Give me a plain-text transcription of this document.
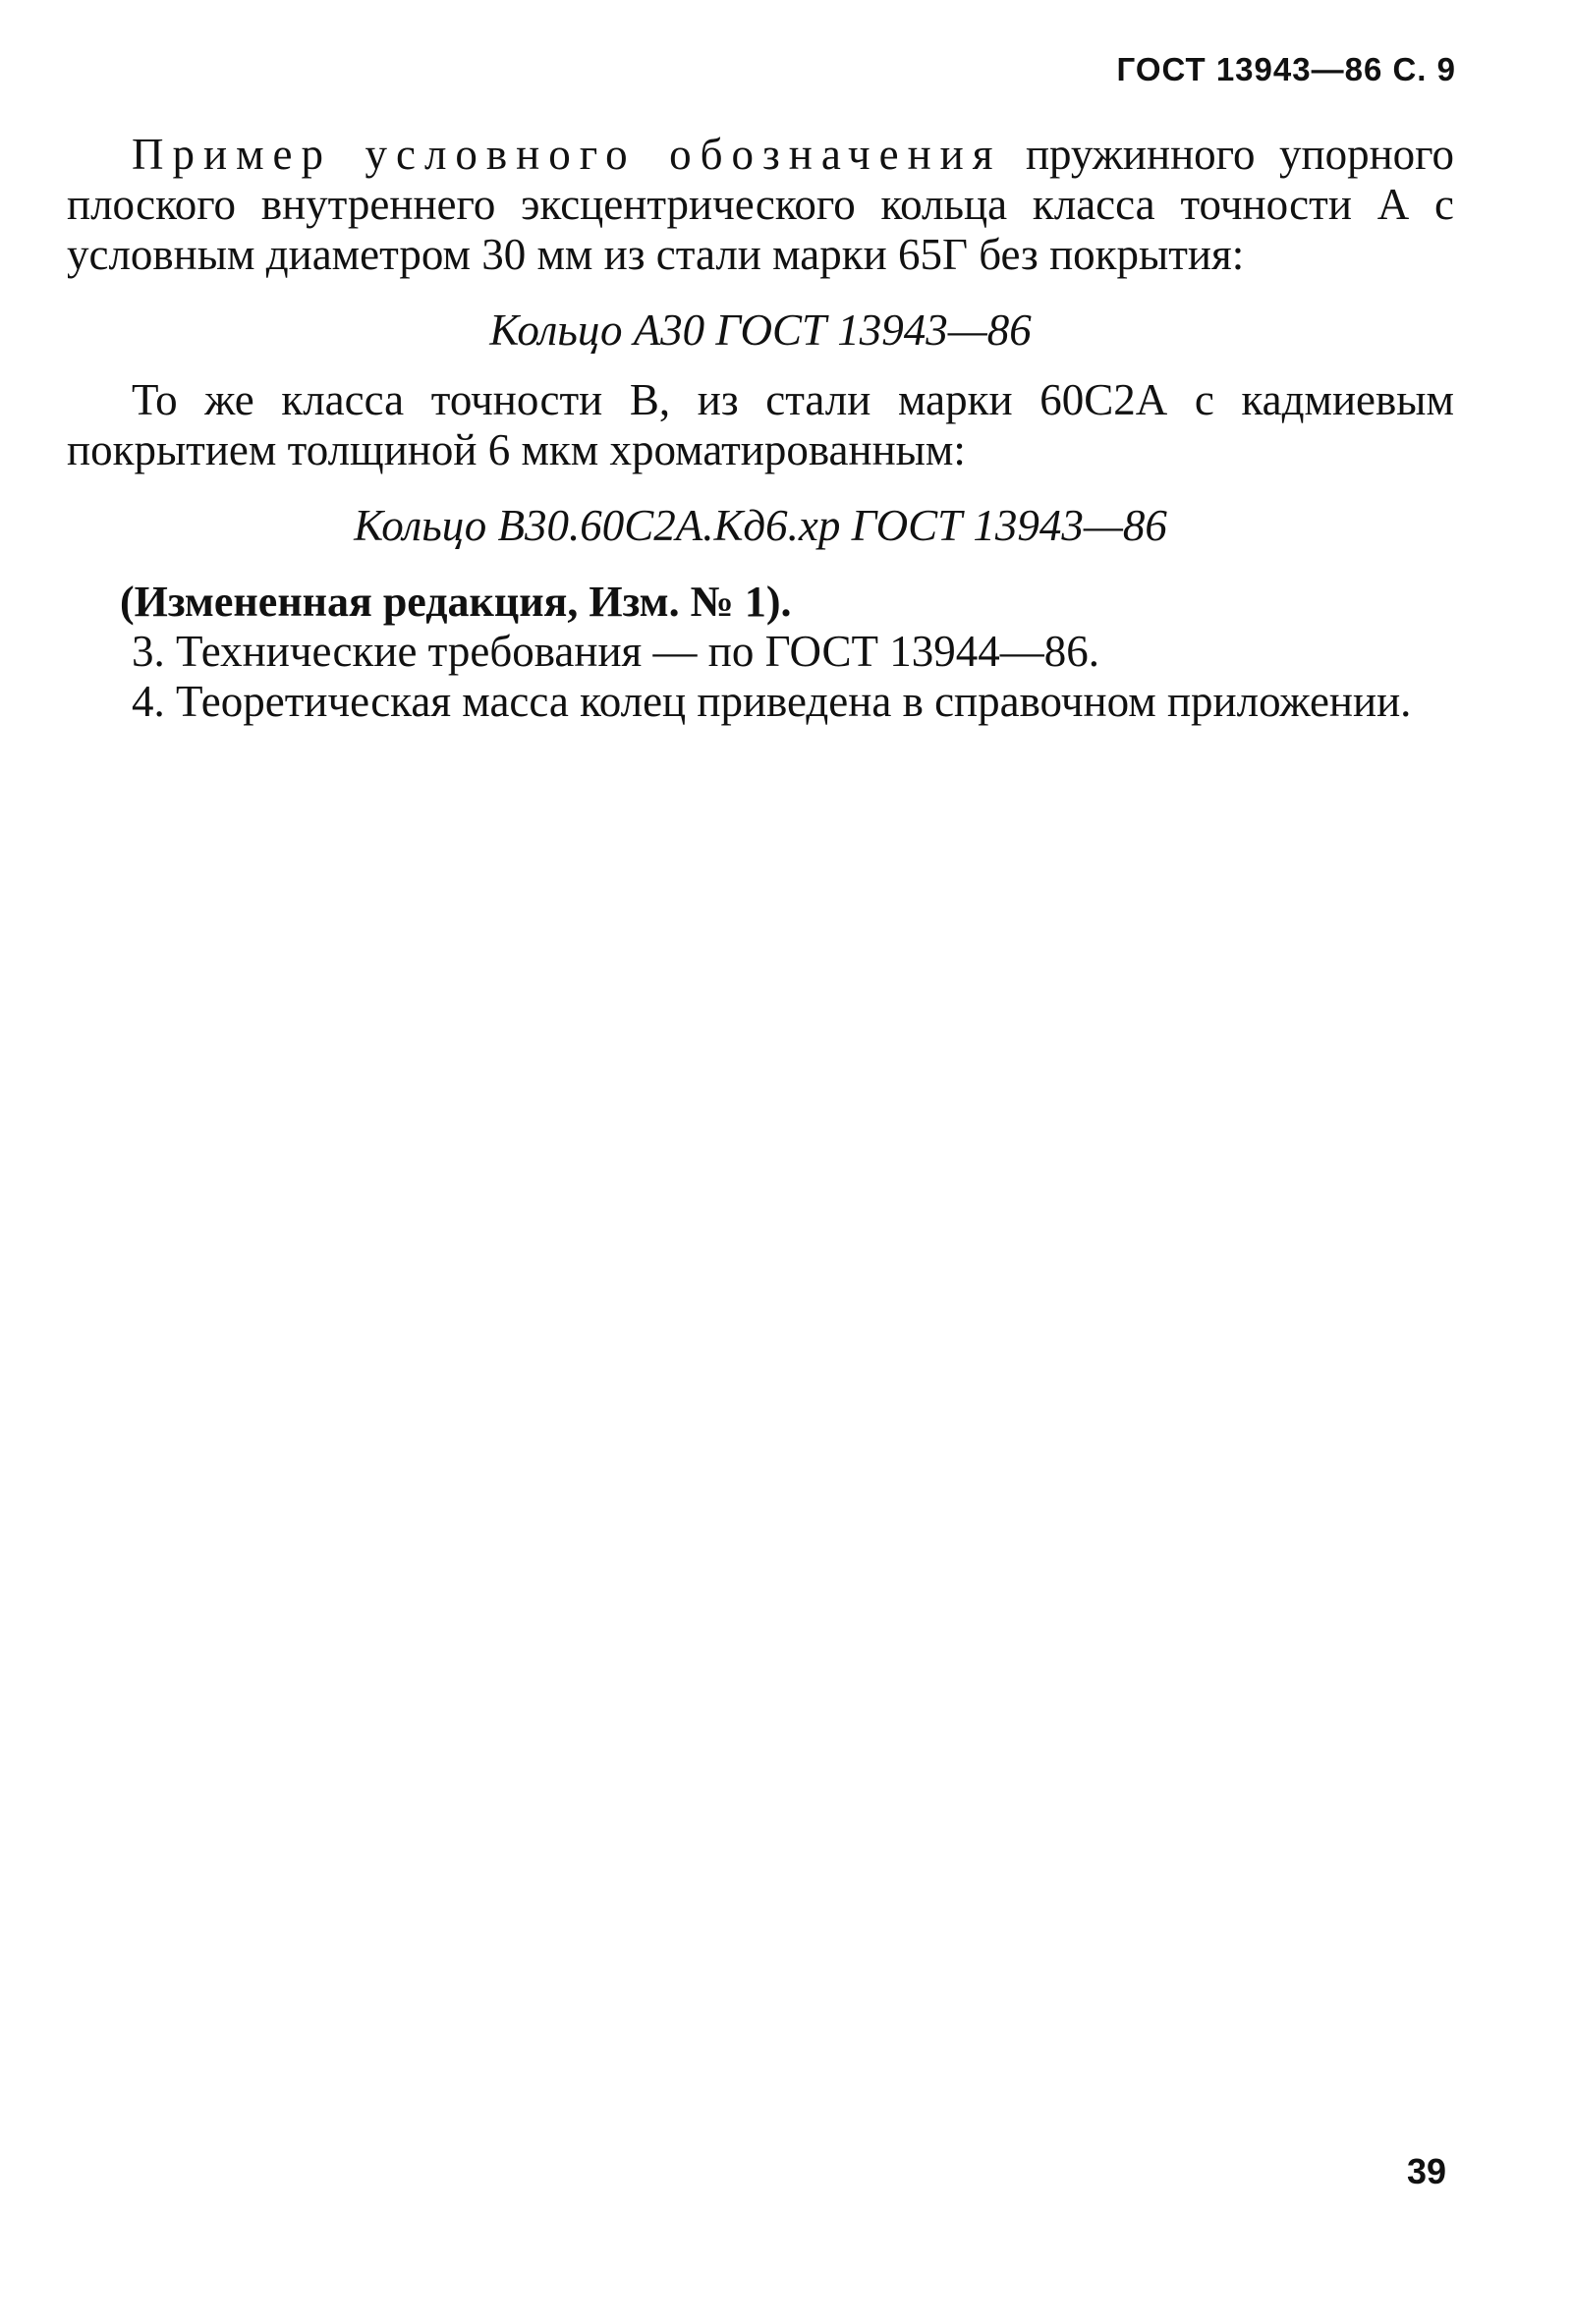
ГОСТ 13943—86 С. 9

Пример условного обозначения пружинного упорного плоского внутреннего эксцентрического кольца класса точности А с условным диаметром 30 мм из стали марки 65Г без покрытия:

Кольцо А30 ГОСТ 13943—86

То же класса точности В, из стали марки 60С2А с кадмиевым покрытием толщиной 6 мкм хроматированным:

Кольцо В30.60С2А.Кд6.хр ГОСТ 13943—86

(Измененная редакция, Изм. № 1).

3. Технические требования — по ГОСТ 13944—86.

4. Теоретическая масса колец приведена в справочном приложении.

39
